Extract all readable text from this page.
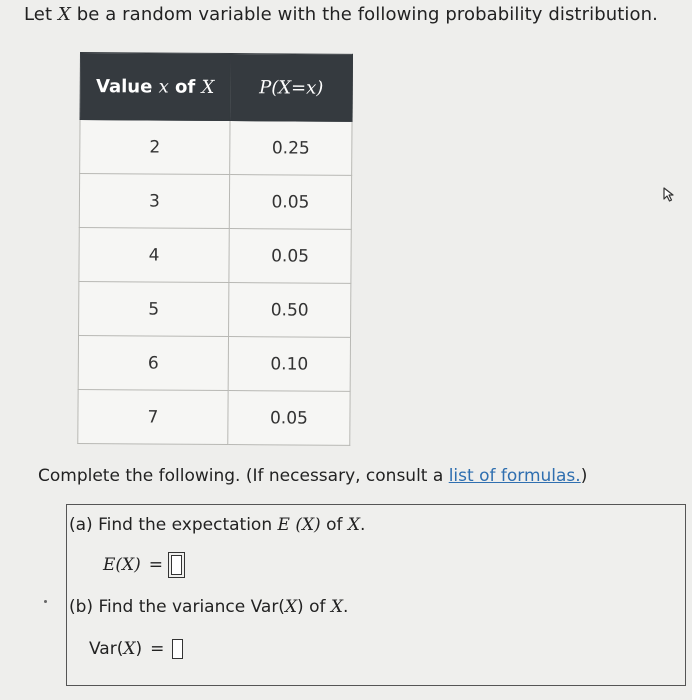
Let X be a random variable with the following probability distribution.
Value x of X	P(X=x)
2	0.25
3	0.05
4	0.05
5	0.50
6	0.10
7	0.05
Complete the following. (If necessary, consult a list of formulas.)
(a) Find the expectation E (X) of X.
E(X) =
(b) Find the variance Var(X) of X.
Var(X) =
